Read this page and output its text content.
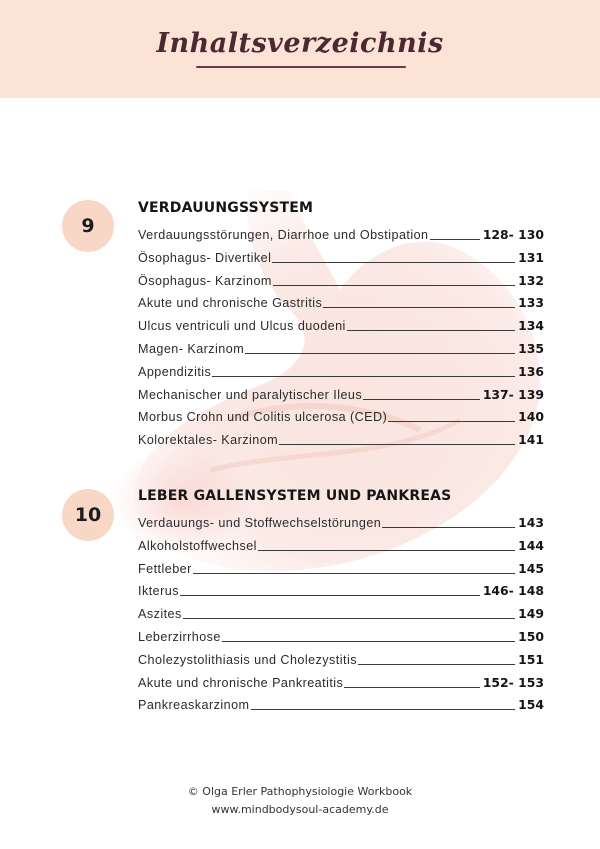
Inhaltsverzeichnis
9
VERDAUUNGSSYSTEM
Verdauungsstörungen, Diarrhoe und Obstipation	128- 130
Ösophagus- Divertikel	131
Ösophagus- Karzinom	132
Akute und chronische Gastritis	133
Ulcus ventriculi und Ulcus duodeni	134
Magen- Karzinom	135
Appendizitis	136
Mechanischer und paralytischer Ileus	137- 139
Morbus Crohn und Colitis ulcerosa (CED)	140
Kolorektales- Karzinom	141
10
LEBER GALLENSYSTEM UND PANKREAS
Verdauungs- und Stoffwechselstörungen	143
Alkoholstoffwechsel	144
Fettleber	145
Ikterus	146- 148
Aszites	149
Leberzirrhose	150
Cholezystolithiasis und Cholezystitis	151
Akute und chronische Pankreatitis	152- 153
Pankreaskarzinom	154
© Olga Erler Pathophysiologie Workbook
www.mindbodysoul-academy.de
